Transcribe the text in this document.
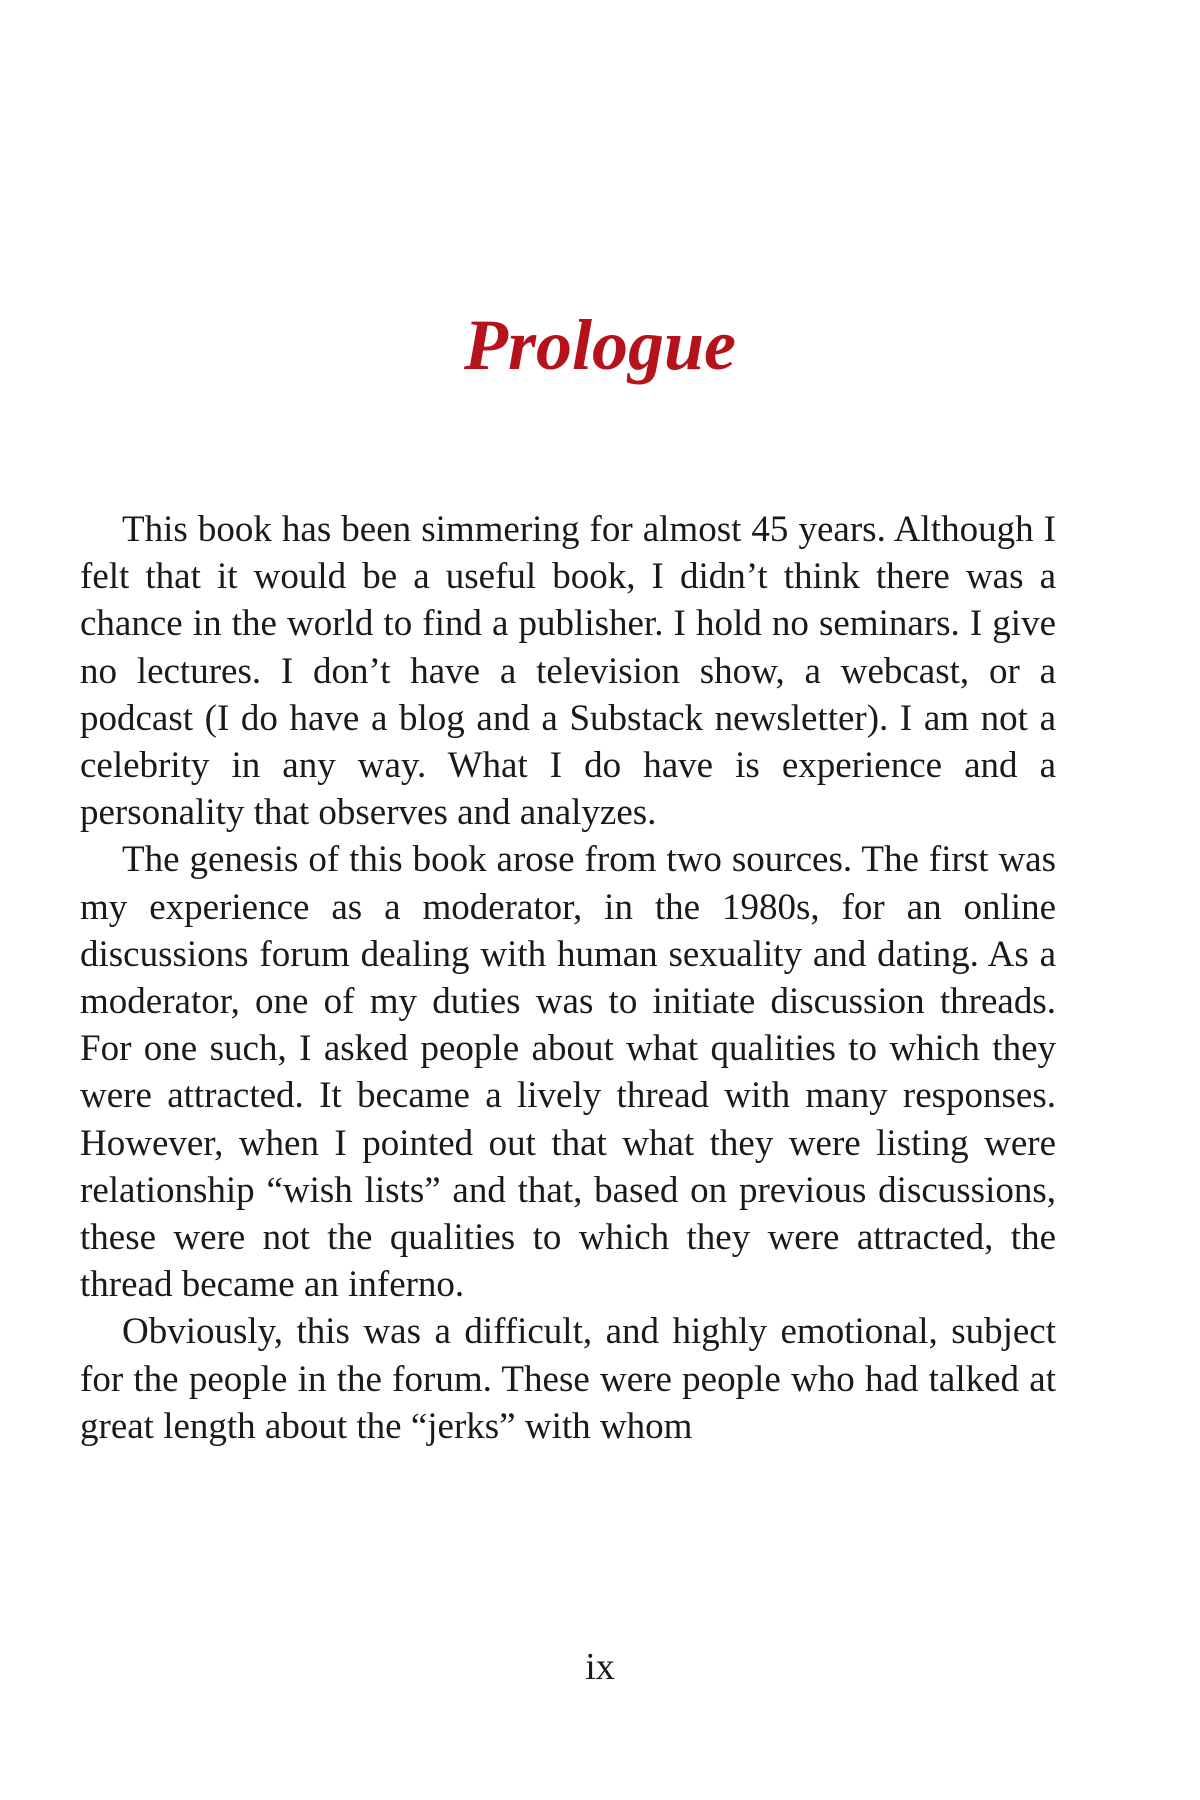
Prologue

This book has been simmering for almost 45 years. Although I felt that it would be a useful book, I didn’t think there was a chance in the world to find a publisher. I hold no seminars. I give no lectures. I don’t have a television show, a webcast, or a podcast (I do have a blog and a Substack newsletter). I am not a celebrity in any way. What I do have is experience and a personality that observes and analyzes.

The genesis of this book arose from two sources. The first was my experience as a moderator, in the 1980s, for an online discussions forum dealing with human sexuality and dating. As a moderator, one of my duties was to initiate discussion threads. For one such, I asked people about what qualities to which they were attracted. It became a lively thread with many responses. However, when I pointed out that what they were listing were relationship “wish lists” and that, based on previous discussions, these were not the qualities to which they were attracted, the thread became an inferno.

Obviously, this was a difficult, and highly emotional, subject for the people in the forum. These were people who had talked at great length about the “jerks” with whom

ix
